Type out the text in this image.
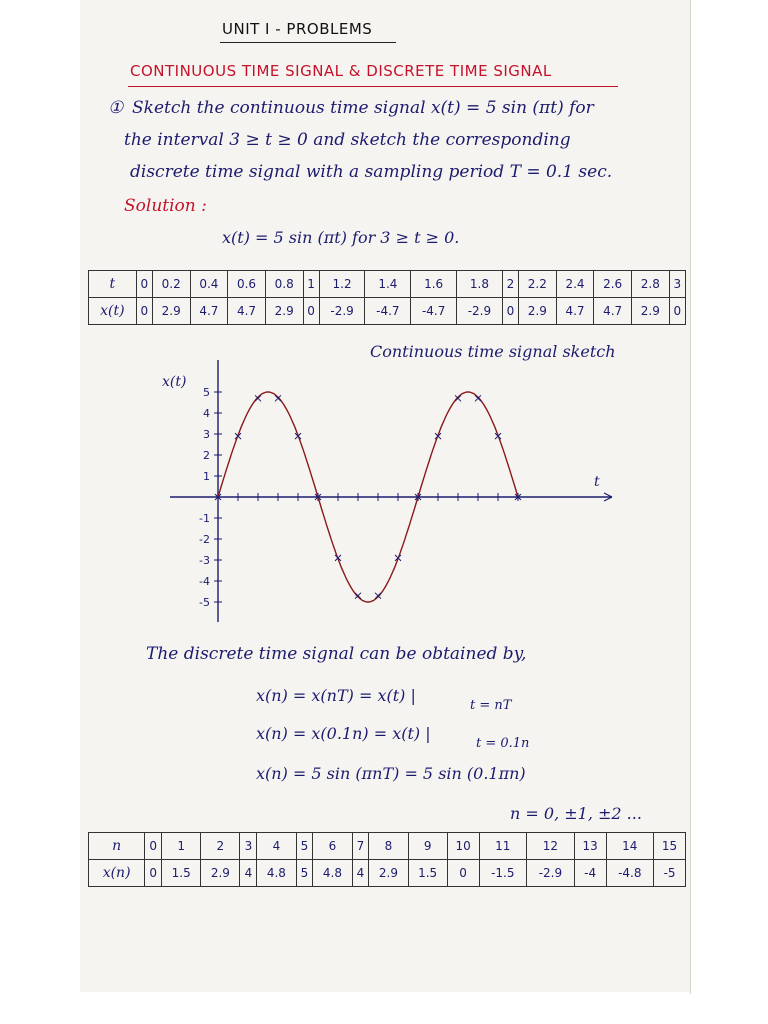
UNIT I - PROBLEMS
CONTINUOUS TIME SIGNAL & DISCRETE TIME SIGNAL
① Sketch the continuous time signal x(t) = 5 sin (πt) for
the interval 3 ≥ t ≥ 0 and sketch the corresponding
discrete time signal with a sampling period T = 0.1 sec.
Solution :
x(t) = 5 sin (πt) for 3 ≥ t ≥ 0.
t	0	0.2	0.4	0.6	0.8	1	1.2	1.4	1.6	1.8	2	2.2	2.4	2.6	2.8	3
x(t)	0	2.9	4.7	4.7	2.9	0	-2.9	-4.7	-4.7	-2.9	0	2.9	4.7	4.7	2.9	0
Continuous time signal sketch
5
4
3
2
1
-1
-2
-3
-4
-5
x(t)
t
The discrete time signal can be obtained by,
x(n) = x(nT) = x(t) |
t = nT
x(n) = x(0.1n) = x(t) |
t = 0.1n
x(n) = 5 sin (πnT) = 5 sin (0.1πn)
n = 0, ±1, ±2 ...
n	0	1	2	3	4	5	6	7	8	9	10	11	12	13	14	15
x(n)	0	1.5	2.9	4	4.8	5	4.8	4	2.9	1.5	0	-1.5	-2.9	-4	-4.8	-5
